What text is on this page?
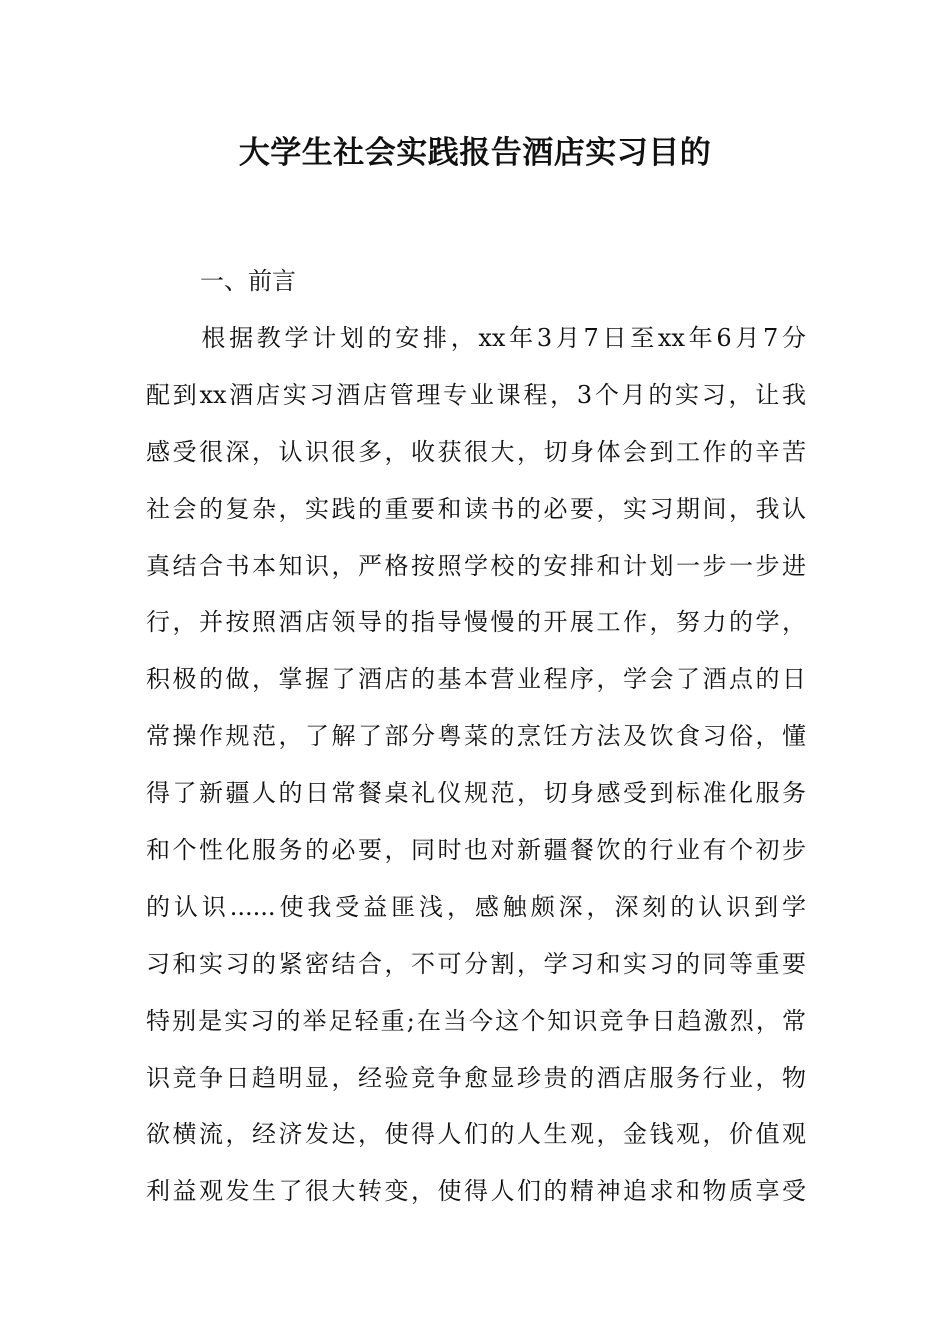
大学生社会实践报告酒店实习目的
一、前言
　　根据教学计划的安排，xx年3月7日至xx年6月7分
配到xx酒店实习酒店管理专业课程，3个月的实习，让我
感受很深，认识很多，收获很大，切身体会到工作的辛苦
社会的复杂，实践的重要和读书的必要，实习期间，我认
真结合书本知识，严格按照学校的安排和计划一步一步进
行，并按照酒店领导的指导慢慢的开展工作，努力的学，
积极的做，掌握了酒店的基本营业程序，学会了酒点的日
常操作规范，了解了部分粤菜的烹饪方法及饮食习俗，懂
得了新疆人的日常餐桌礼仪规范，切身感受到标准化服务
和个性化服务的必要，同时也对新疆餐饮的行业有个初步
的认识......使我受益匪浅，感触颇深，深刻的认识到学
习和实习的紧密结合，不可分割，学习和实习的同等重要
特别是实习的举足轻重;在当今这个知识竞争日趋激烈，常
识竞争日趋明显，经验竞争愈显珍贵的酒店服务行业，物
欲横流，经济发达，使得人们的人生观，金钱观，价值观
利益观发生了很大转变，使得人们的精神追求和物质享受
